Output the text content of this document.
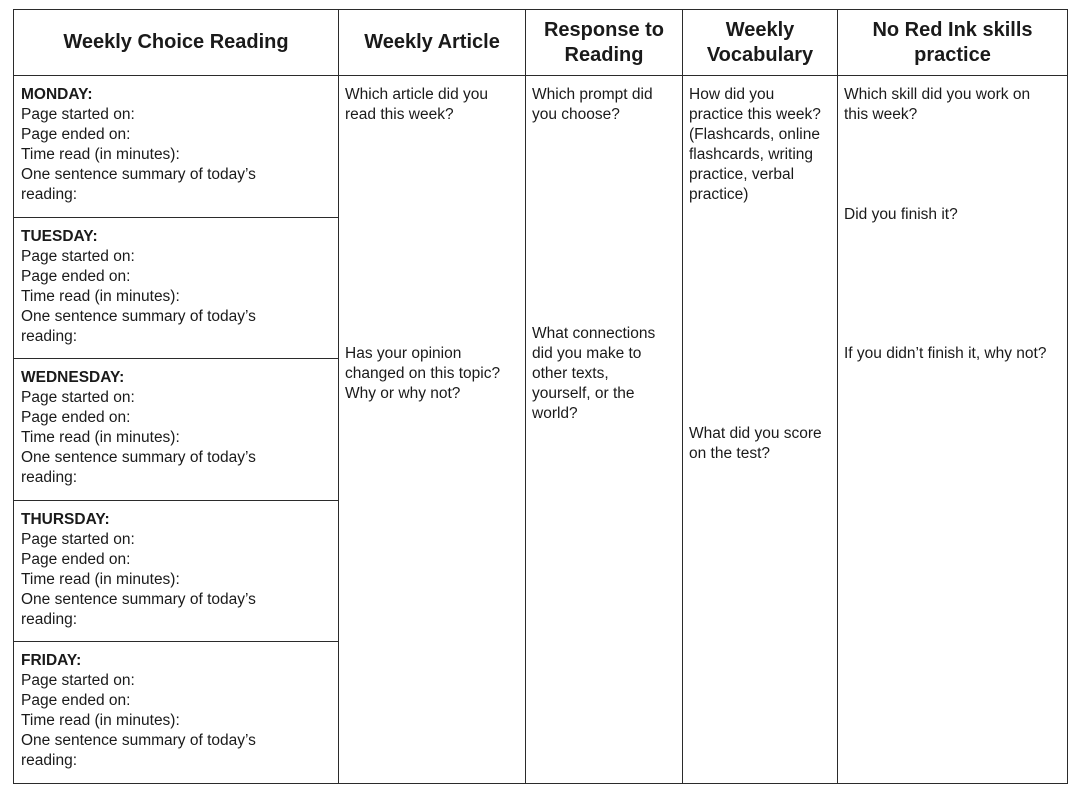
Weekly Choice Reading	Weekly Article
Response to
Reading
Weekly
Vocabulary
No Red Ink skills
practice
MONDAY:
Page started on:
Page ended on:
Time read (in minutes):
One sentence summary of today’s
reading:
TUESDAY:
Page started on:
Page ended on:
Time read (in minutes):
One sentence summary of today’s
reading:
WEDNESDAY:
Page started on:
Page ended on:
Time read (in minutes):
One sentence summary of today’s
reading:
THURSDAY:
Page started on:
Page ended on:
Time read (in minutes):
One sentence summary of today’s
reading:
FRIDAY:
Page started on:
Page ended on:
Time read (in minutes):
One sentence summary of today’s
reading:
Which article did you
read this week?
Has your opinion
changed on this topic?
Why or why not?
Which prompt did
you choose?
What connections
did you make to
other texts,
yourself, or the
world?
How did you
practice this week?
(Flashcards, online
flashcards, writing
practice, verbal
practice)
What did you score
on the test?
Which skill did you work on
this week?
Did you finish it?
If you didn’t finish it, why not?
